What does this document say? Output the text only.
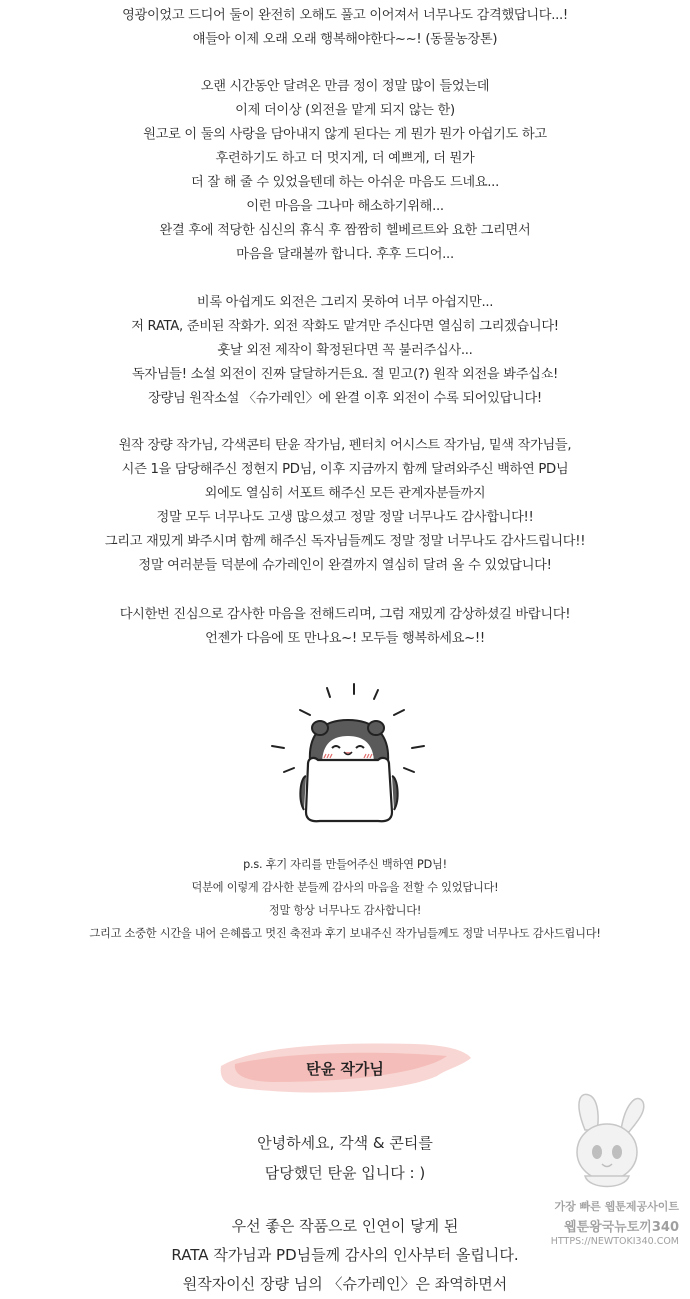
영광이었고 드디어 둘이 완전히 오해도 풀고 이어져서 너무나도 감격했답니다...!
얘들아 이제 오래 오래 행복해야한다~~! (동물농장톤)
오랜 시간동안 달려온 만큼 정이 정말 많이 들었는데
이제 더이상 (외전을 맡게 되지 않는 한)
원고로 이 둘의 사랑을 담아내지 않게 된다는 게 뭔가 뭔가 아쉽기도 하고
후련하기도 하고 더 멋지게, 더 예쁘게, 더 뭔가
더 잘 해 줄 수 있었을텐데 하는 아쉬운 마음도 드네요...
이런 마음을 그나마 해소하기위해...
완결 후에 적당한 심신의 휴식 후 짬짬히 헬베르트와 요한 그리면서
마음을 달래볼까 합니다. 후후 드디어...
비록 아쉽게도 외전은 그리지 못하여 너무 아쉽지만...
저 RATA, 준비된 작화가. 외전 작화도 맡겨만 주신다면 열심히 그리겠습니다!
훗날 외전 제작이 확정된다면 꼭 불러주십사...
독자님들! 소설 외전이 진짜 달달하거든요. 절 믿고(?) 원작 외전을 봐주십쇼!
장량님 원작소설 〈슈가레인〉에 완결 이후 외전이 수록 되어있답니다!
원작 장량 작가님, 각색콘티 탄윤 작가님, 펜터치 어시스트 작가님, 밑색 작가님들,
시즌 1을 담당해주신 정현지 PD님, 이후 지금까지 함께 달려와주신 백하연 PD님
외에도 열심히 서포트 해주신 모든 관계자분들까지
정말 모두 너무나도 고생 많으셨고 정말 정말 너무나도 감사합니다!!
그리고 재밌게 봐주시며 함께 해주신 독자님들께도 정말 정말 너무나도 감사드립니다!!
정말 여러분들 덕분에 슈가레인이 완결까지 열심히 달려 올 수 있었답니다!
다시한번 진심으로 감사한 마음을 전해드리며, 그럼 재밌게 감상하셨길 바랍니다!
언젠가 다음에 또 만나요~! 모두들 행복하세요~!!
p.s. 후기 자리를 만들어주신 백하연 PD님!
덕분에 이렇게 감사한 분들께 감사의 마음을 전할 수 있었답니다!
정말 항상 너무나도 감사합니다!
그리고 소중한 시간을 내어 은혜롭고 멋진 축전과 후기 보내주신 작가님들께도 정말 너무나도 감사드립니다!
탄윤 작가님
안녕하세요, 각색 & 콘티를
담당했던 탄윤 입니다 : )
우선 좋은 작품으로 인연이 닿게 된
RATA 작가님과 PD님들께 감사의 인사부터 올립니다.
원작자이신 장량 님의 〈슈가레인〉은 좌역하면서
가장 빠른 웹툰제공사이트
웹툰왕국뉴토끼340
HTTPS://NEWTOKI340.COM
